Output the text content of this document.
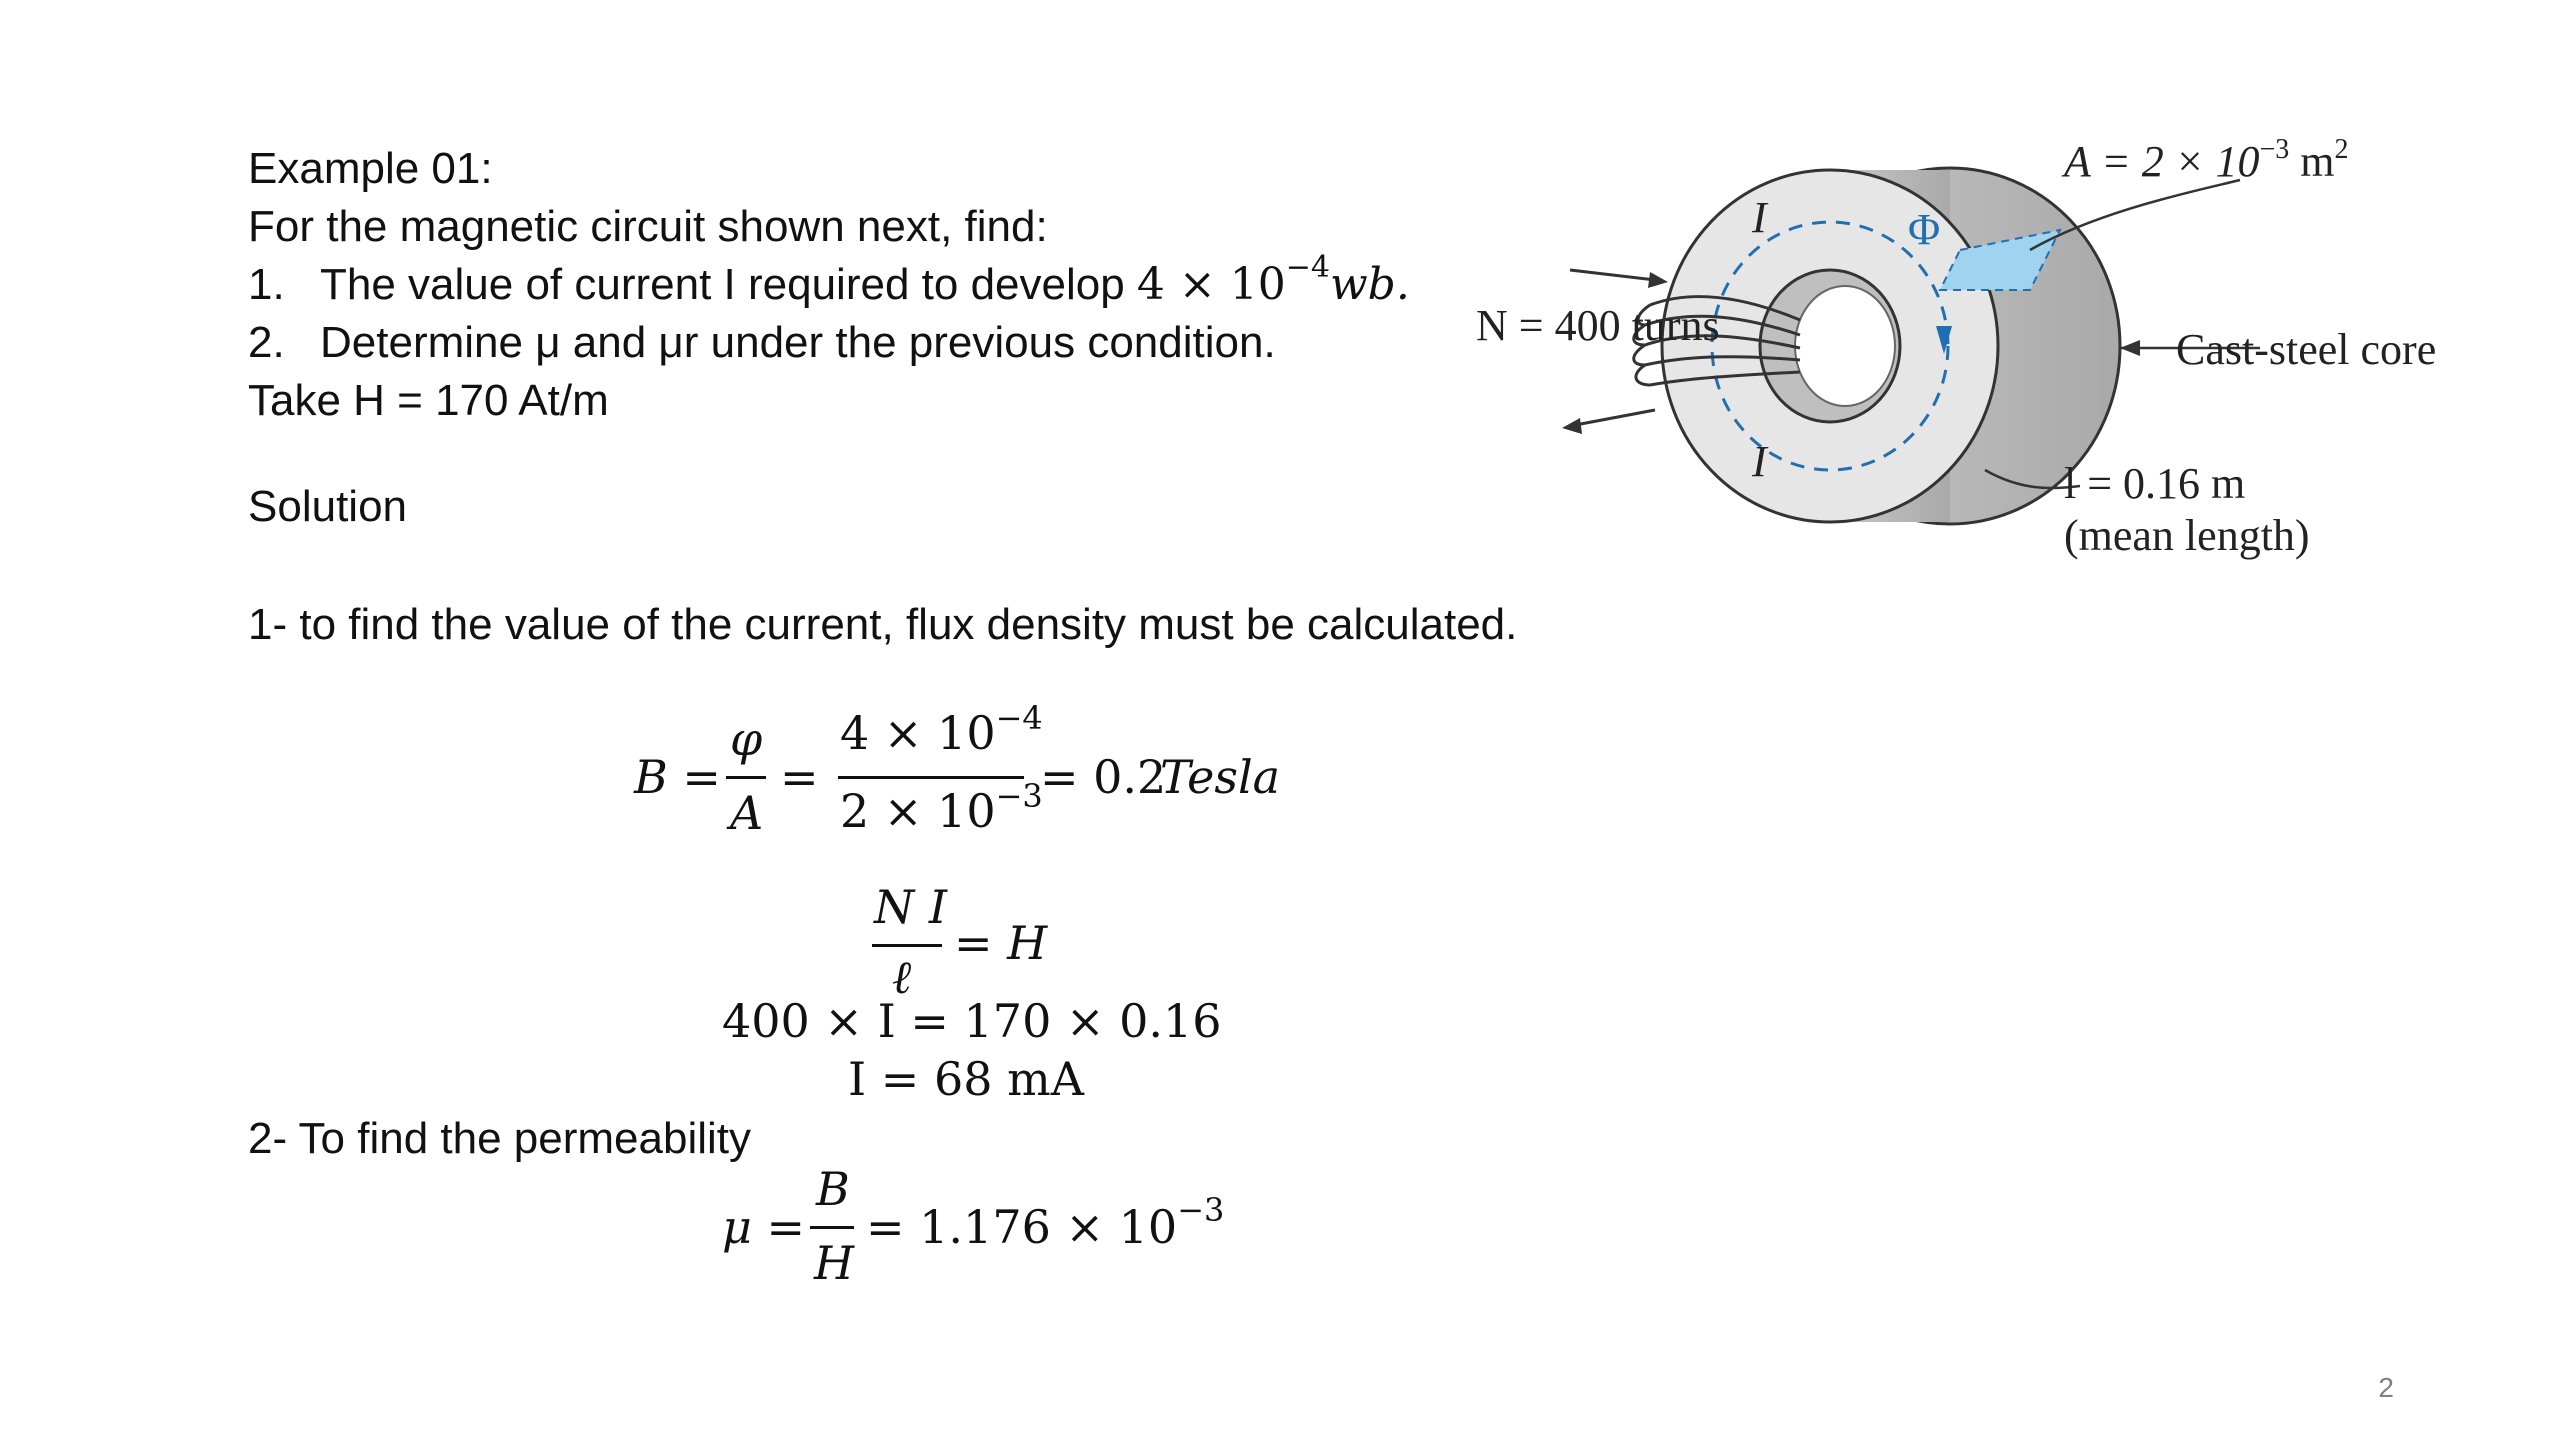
Example 01:
For the magnetic circuit shown next, find:
1. The value of current I required to develop $4 \times 10^{-4}wb$.
2. Determine μ and μr under the previous condition.
Take H = 170 At/m
Solution
1- to find the value of the current, flux density must be calculated.
B =
φ
A
=
$4 \times 10^{-4}$
$2 \times 10^{-3}$
= 0.2
Tesla
N I
ℓ
= H
400 × I = 170 × 0.16
I = 68 mA
2- To find the permeability
μ =
B
H
= $1.176 \times 10^{-3}$
$A = 2 \times 10^{-3}$ $m^2$
I
N = 400 turns
Φ
Cast-steel core
I	l = 0.16 m
(mean length)
2
